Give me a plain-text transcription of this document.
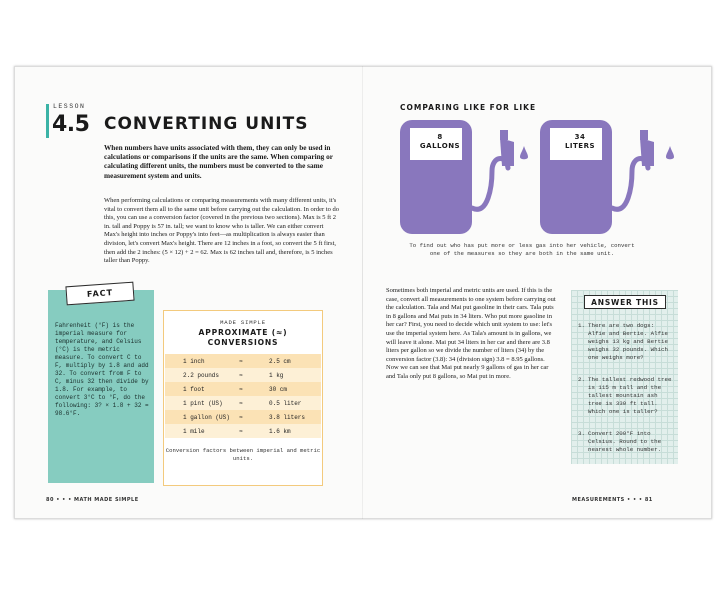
LESSON
4.5 CONVERTING UNITS

When numbers have units associated with them, they can only be used in calculations or comparisons if the units are the same. When comparing or calculating different units, the numbers must be converted to the same measurement system and units.

When performing calculations or comparing measurements with many different units, it's vital to convert them all to the same unit before carrying out the calculation. In order to do this, you can use a conversion factor (covered in the previous two sections). Max is 5 ft 2 in. tall and Poppy is 57 in. tall; we want to know who is taller. We can either convert Max's height into inches or Poppy's into feet—as multiplication is always easier than division, let's convert Max's height. There are 12 inches in a foot, so convert the 5 ft first, then add the 2 inches: (5 × 12) + 2 = 62. Max is 62 inches tall and, therefore, is 5 inches taller than Poppy.

FACT

Fahrenheit (°F) is the imperial measure for temperature, and Celsius (°C) is the metric measure. To convert C to F, multiply by 1.8 and add 32. To convert from F to C, minus 32 then divide by 1.8. For example, to convert 3°C to °F, do the following: 3? × 1.8 + 32 = 98.6°F.

MADE SIMPLE
APPROXIMATE (≈)
CONVERSIONS
1 inch	≈	2.5 cm
2.2 pounds	≈	1 kg
1 foot	≈	30 cm
1 pint (US)	≈	0.5 liter
1 gallon (US) ≈	3.8 liters
1 mile	≈	1.6 km

Conversion factors between imperial and metric units.

80 • • • MATH MADE SIMPLE
COMPARING LIKE FOR LIKE
8
GALLONS
34
LITERS

To find out who has put more or less gas into her vehicle, convert one of the measures so they are both in the same unit.

Sometimes both imperial and metric units are used. If this is the case, convert all measurements to one system before carrying out the calculation. Tala and Mai put gasoline in their cars. Tala puts in 8 gallons and Mai puts in 34 liters. Who put more gasoline in her car? First, you need to decide which unit system to use: let's use the imperial system here. As Tala's amount is in gallons, we will leave it alone. Mai put 34 liters in her car and there are 3.8 liters per gallon so we divide the number of liters (34) by the conversion factor (3.8): 34 (division sign) 3.8 = 8.95 gallons. Now we can see that Mai put nearly 9 gallons of gas in her car and Tala only put 8 gallons, so Mai put in more.

ANSWER THIS
1. There are two dogs: Alfie and Bertie. Alfie weighs 13 kg and Bertie weighs 32 pounds. Which one weighs more?
2. The tallest redwood tree is 115 m tall and the tallest mountain ash tree is 330 ft tall. Which one is taller?
3. Convert 200°F into Celsius. Round to the nearest whole number.
MEASUREMENTS • • • 81
